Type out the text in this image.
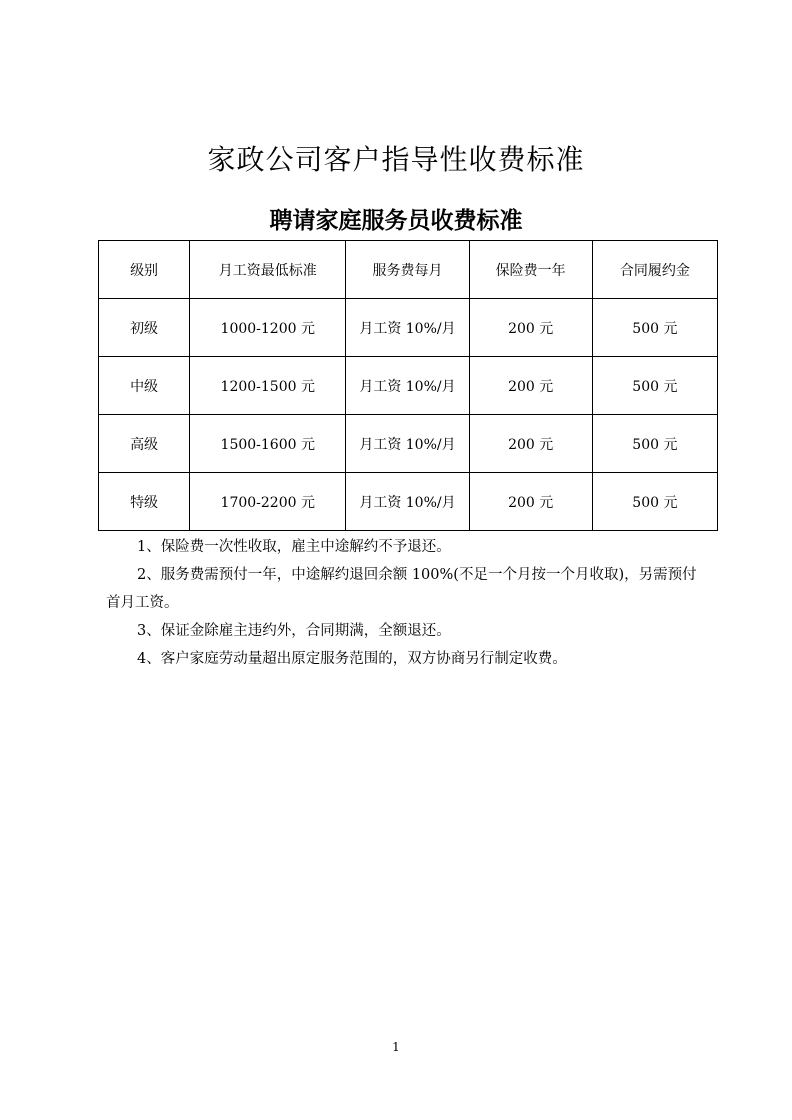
家政公司客户指导性收费标准
聘请家庭服务员收费标准
级别	月工资最低标准	服务费每月	保险费一年	合同履约金
初级	1000-1200 元	月工资 10%/月	200 元	500 元
中级	1200-1500 元	月工资 10%/月	200 元	500 元
高级	1500-1600 元	月工资 10%/月	200 元	500 元
特级	1700-2200 元	月工资 10%/月	200 元	500 元

1、保险费一次性收取，雇主中途解约不予退还。

2、服务费需预付一年，中途解约退回余额 100%(不足一个月按一个月收取)，另需预付首月工资。

3、保证金除雇主违约外，合同期满，全额退还。

4、客户家庭劳动量超出原定服务范围的，双方协商另行制定收费。

1
